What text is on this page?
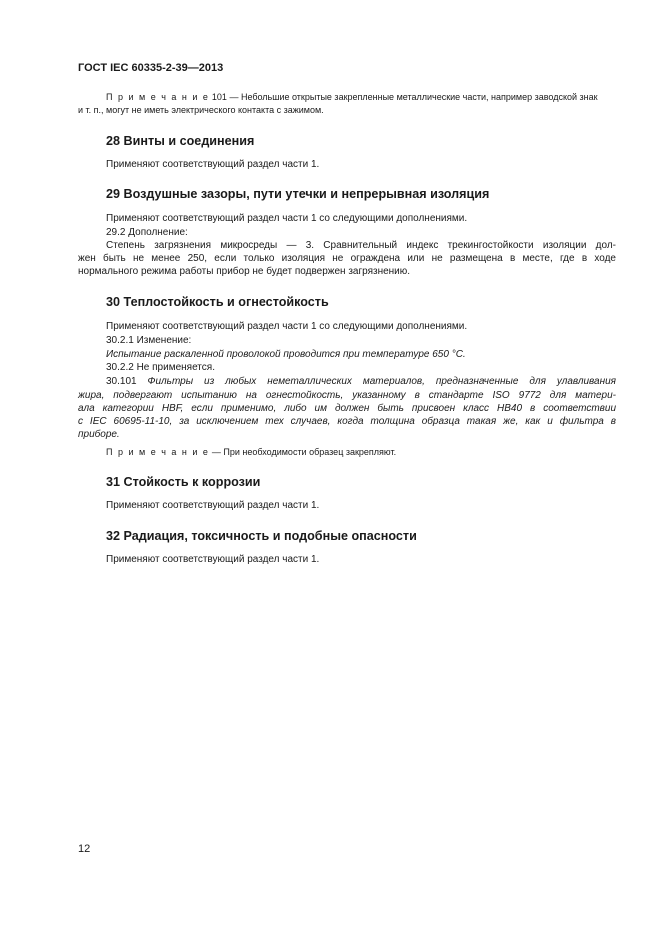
ГОСТ IEC 60335-2-39—2013
П р и м е ч а н и е 101 — Небольшие открытые закрепленные металлические части, например заводской знак
и т. п., могут не иметь электрического контакта с зажимом.
28 Винты и соединения
Применяют соответствующий раздел части 1.
29 Воздушные зазоры, пути утечки и непрерывная изоляция
Применяют соответствующий раздел части 1 со следующими дополнениями.
29.2 Дополнение:
Степень загрязнения микросреды — 3. Сравнительный индекс трекингостойкости изоляции дол-
жен быть не менее 250, если только изоляция не ограждена или не размещена в месте, где в ходе
нормального режима работы прибор не будет подвержен загрязнению.
30 Теплостойкость и огнестойкость
Применяют соответствующий раздел части 1 со следующими дополнениями.
30.2.1 Изменение:
Испытание раскаленной проволокой проводится при температуре 650 °С.
30.2.2 Не применяется.
30.101 Фильтры из любых неметаллических материалов, предназначенные для улавливания
жира, подвергают испытанию на огнестойкость, указанному в стандарте ISO 9772 для матери-
ала категории HBF, если применимо, либо им должен быть присвоен класс НВ40 в соответствии
с IEC 60695-11-10, за исключением тех случаев, когда толщина образца такая же, как и фильтра в
приборе.
П р и м е ч а н и е — При необходимости образец закрепляют.
31 Стойкость к коррозии
Применяют соответствующий раздел части 1.
32 Радиация, токсичность и подобные опасности
Применяют соответствующий раздел части 1.
12
